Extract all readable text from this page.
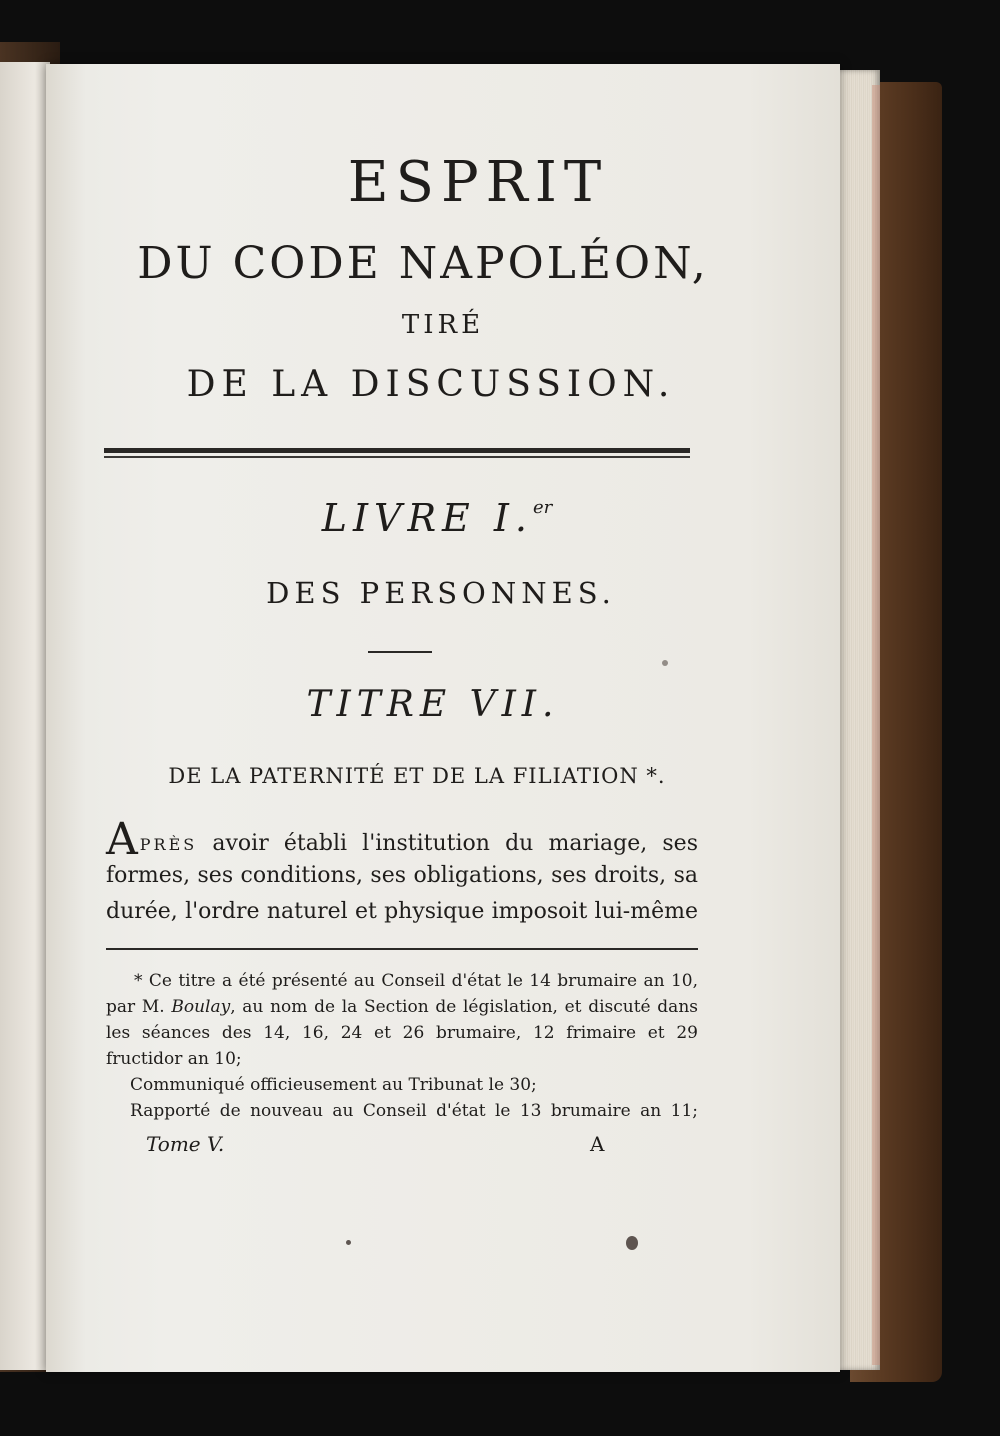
ESPRIT
DU CODE NAPOLÉON,
TIRÉ
DE LA DISCUSSION.
LIVRE I.$^{er}$
DES PERSONNES.
TITRE VII.
DE LA PATERNITÉ ET DE LA FILIATION *.
APRÈS avoir établi l'institution du mariage, ses
formes, ses conditions, ses obligations, ses droits, sa
durée, l'ordre naturel et physique imposoit lui-même
* Ce titre a été présenté au Conseil d'état le 14 brumaire an 10,
par M. Boulay, au nom de la Section de législation, et discuté dans
les séances des 14, 16, 24 et 26 brumaire, 12 frimaire et 29
fructidor an 10;
Communiqué officieusement au Tribunat le 30;
Rapporté de nouveau au Conseil d'état le 13 brumaire an 11;
Tome V.	A
